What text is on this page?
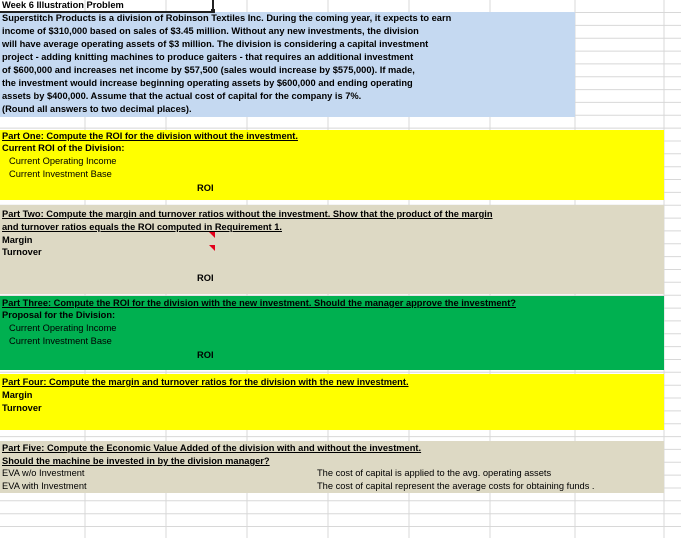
Week 6 Illustration Problem
Superstitch Products is a division of Robinson Textiles Inc. During the coming year, it expects to earn
income of $310,000 based on sales of $3.45 million. Without any new investments, the division
will have average operating assets of $3 million. The division is considering a capital investment
project - adding knitting machines to produce gaiters - that requires an additional investment
of $600,000 and increases net income by $57,500 (sales would increase by $575,000). If made,
the investment would increase beginning operating assets by $600,000 and ending operating
assets by $400,000. Assume that the actual cost of capital for the company is 7%.
(Round all answers to two decimal places).
Part One: Compute the ROI for the division without the investment.
Current ROI of the Division:
Current Operating Income
Current Investment Base
ROI
Part Two: Compute the margin and turnover ratios without the investment. Show that the product of the margin
and turnover ratios equals the ROI computed in Requirement 1.
Margin
Turnover
ROI
Part Three: Compute the ROI for the division with the new investment. Should the manager approve the investment?
Proposal for the Division:
Current Operating Income
Current Investment Base
ROI
Part Four: Compute the margin and turnover ratios for the division with the new investment.
Margin
Turnover
Part Five: Compute the Economic Value Added of the division with and without the investment.
Should the machine be invested in by the division manager?
EVA w/o Investment
EVA with Investment
The cost of capital is applied to the avg. operating assets
The cost of capital represent the average costs for obtaining funds .
